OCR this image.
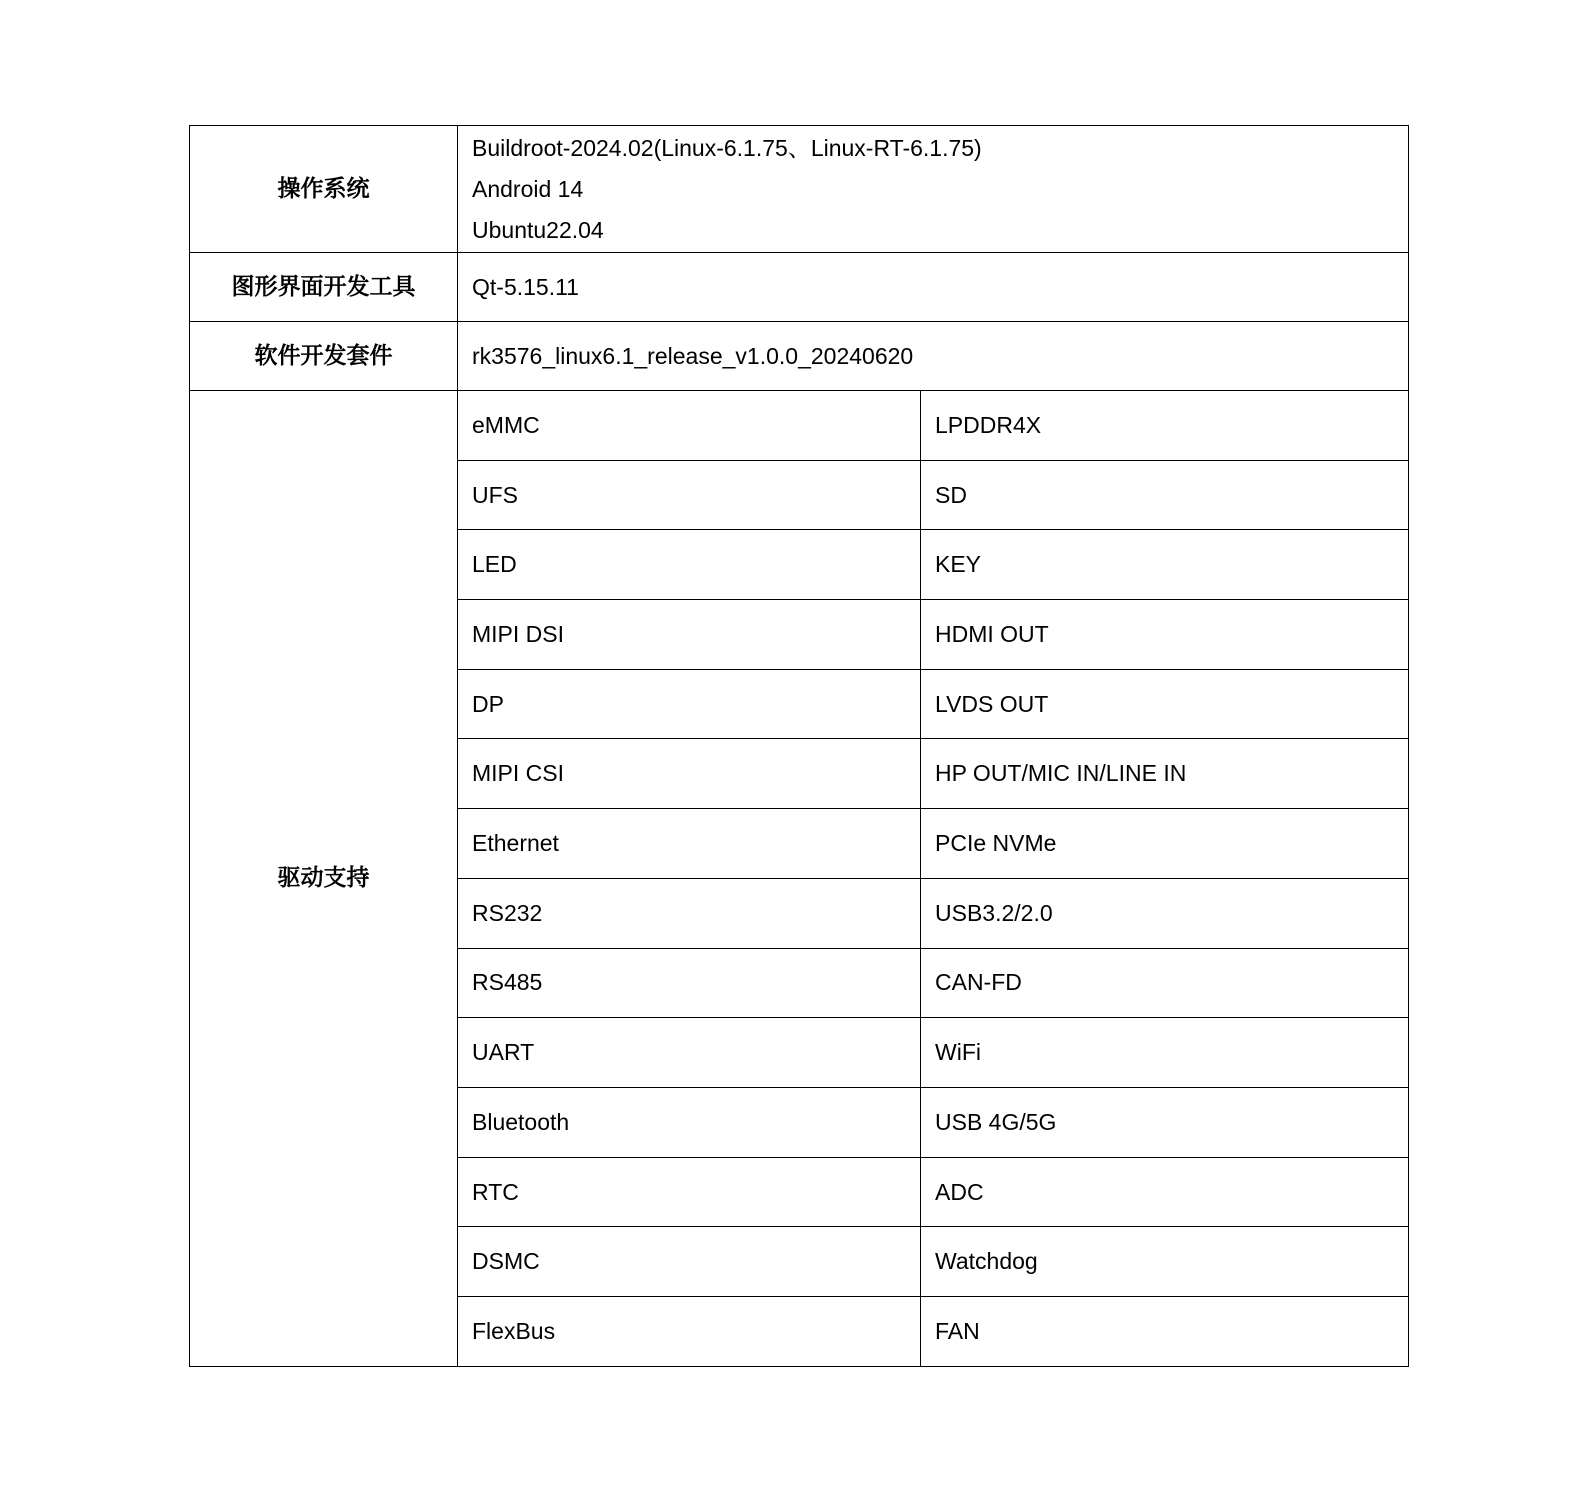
操作系统	Buildroot-2024.02(Linux-6.1.75、Linux-RT-6.1.75)
Android 14
Ubuntu22.04	

图形界面开发工具	Qt-5.15.11	
软件开发套件	rk3576_linux6.1_release_v1.0.0_20240620	
驱动支持	eMMC	LPDDR4X
	UFS	SD
	LED	KEY
	MIPI DSI	HDMI OUT
	DP	LVDS OUT
	MIPI CSI	HP OUT/MIC IN/LINE IN
	Ethernet	PCIe NVMe
	RS232	USB3.2/2.0
	RS485	CAN-FD
	UART	WiFi
	Bluetooth	USB 4G/5G
	RTC	ADC
	DSMC	Watchdog
	FlexBus	FAN
